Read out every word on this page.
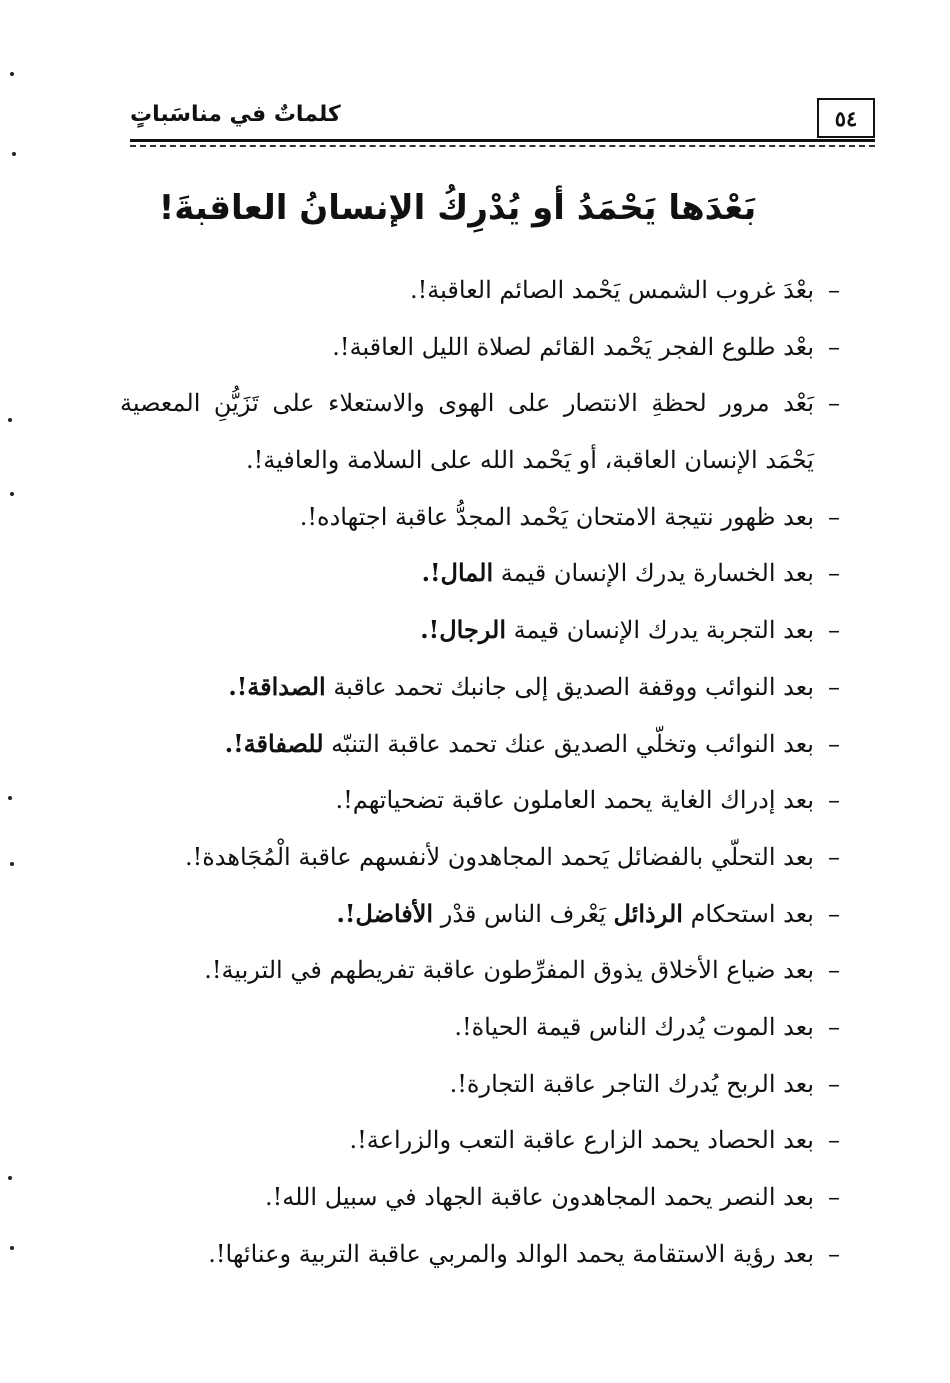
٥٤
كلماتٌ في مناسَباتٍ
بَعْدَها يَحْمَدُ أو يُدْرِكُ الإنسانُ العاقبةَ!
–بعْدَ غروب الشمس يَحْمد الصائم العاقبة!.
–بعْد طلوع الفجر يَحْمد القائم لصلاة الليل العاقبة!.
–بَعْد مرور لحظةِ الانتصار على الهوى والاستعلاء على تَزَيُّنِ المعصية
يَحْمَد الإنسان العاقبة، أو يَحْمد الله على السلامة والعافية!.
–بعد ظهور نتيجة الامتحان يَحْمد المجدُّ عاقبة اجتهاده!.
–بعد الخسارة يدرك الإنسان قيمة المال!.
–بعد التجربة يدرك الإنسان قيمة الرجال!.
–بعد النوائب ووقفة الصديق إلى جانبك تحمد عاقبة الصداقة!.
–بعد النوائب وتخلّي الصديق عنك تحمد عاقبة التنبّه للصفاقة!.
–بعد إدراك الغاية يحمد العاملون عاقبة تضحياتهم!.
–بعد التحلّي بالفضائل يَحمد المجاهدون لأنفسهم عاقبة الْمُجَاهدة!.
–بعد استحكام الرذائل يَعْرف الناس قدْر الأفاضل!.
–بعد ضياع الأخلاق يذوق المفرِّطون عاقبة تفريطهم في التربية!.
–بعد الموت يُدرك الناس قيمة الحياة!.
–بعد الربح يُدرك التاجر عاقبة التجارة!.
–بعد الحصاد يحمد الزارع عاقبة التعب والزراعة!.
–بعد النصر يحمد المجاهدون عاقبة الجهاد في سبيل الله!.
–بعد رؤية الاستقامة يحمد الوالد والمربي عاقبة التربية وعنائها!.
